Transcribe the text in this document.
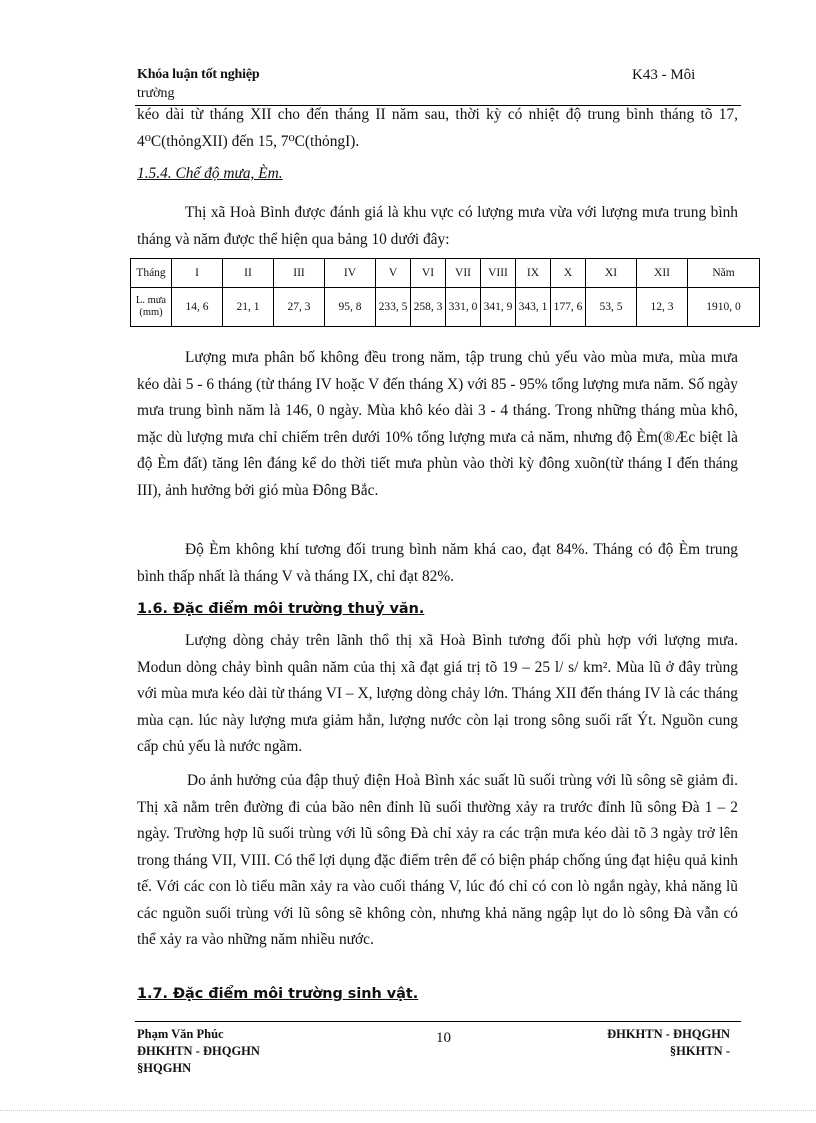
Khóa luận tốt nghiệp
trường
K43 - Môi
kéo dài từ tháng XII cho đến tháng II năm sau, thời kỳ có nhiệt độ trung bình tháng tõ 17, 4⁰C(thỏngXII) đến 15, 7⁰C(thỏngI).
1.5.4. Chế độ mưa, Èm.
Thị xã Hoà Bình được đánh giá là khu vực có lượng mưa vừa với lượng mưa trung bình tháng và năm được thể hiện qua bảng 10 dưới đây:
Tháng	I	II	III	IV	V	VI	VII	VIII	IX	X	XI	XII	Năm
L. mưa (mm)	14, 6	21, 1	27, 3	95, 8	233, 5	258, 3	331, 0	341, 9	343, 1	177, 6	53, 5	12, 3	1910, 0
Lượng mưa phân bố không đều trong năm, tập trung chủ yếu vào mùa mưa, mùa mưa kéo dài 5 - 6 tháng (từ tháng IV hoặc V đến tháng X) với 85 - 95% tổng lượng mưa năm. Số ngày mưa trung bình năm là 146, 0 ngày. Mùa khô kéo dài 3 - 4 tháng. Trong những tháng mùa khô, mặc dù lượng mưa chỉ chiếm trên dưới 10% tổng lượng mưa cả năm, nhưng độ Èm(®Æc biệt là độ Èm đất) tăng lên đáng kể do thời tiết mưa phùn vào thời kỳ đông xuõn(từ tháng I đến tháng III), ảnh hưởng bởi gió mùa Đông Bắc.
Độ Èm không khí tương đối trung bình năm khá cao, đạt 84%. Tháng có độ Èm trung bình thấp nhất là tháng V và tháng IX, chỉ đạt 82%.
1.6. Đặc điểm môi trường thuỷ văn.
Lượng dòng chảy trên lãnh thổ thị xã Hoà Bình tương đối phù hợp với lượng mưa. Modun dòng chảy bình quân năm của thị xã đạt giá trị tõ 19 – 25 l/ s/ km². Mùa lũ ở đây trùng với mùa mưa kéo dài từ tháng VI – X, lượng dòng chảy lớn. Tháng XII đến tháng IV là các tháng mùa cạn. lúc này lượng mưa giảm hẳn, lượng nước còn lại trong sông suối rất Ýt. Nguồn cung cấp chủ yếu là nước ngầm.
Do ảnh hưởng của đập thuỷ điện Hoà Bình xác suất lũ suối trùng với lũ sông sẽ giảm đi. Thị xã nằm trên đường đi của bão nên đỉnh lũ suối thường xảy ra trước đỉnh lũ sông Đà 1 – 2 ngày. Trường hợp lũ suối trùng với lũ sông Đà chỉ xảy ra các trận mưa kéo dài tõ 3 ngày trở lên trong tháng VII, VIII. Có thể lợi dụng đặc điểm trên để có biện pháp chống úng đạt hiệu quả kinh tế. Với các con lò tiểu mãn xảy ra vào cuối tháng V, lúc đó chỉ có con lò ngắn ngày, khả năng lũ các nguồn suối trùng với lũ sông sẽ không còn, nhưng khả năng ngập lụt do lò sông Đà vẫn có thể xảy ra vào những năm nhiều nước.
1.7. Đặc điểm môi trường sinh vật.
Phạm Văn Phúc
ĐHKHTN - ĐHQGHN
§HQGHN
10	ĐHKHTN - ĐHQGHN
§HKHTN -
